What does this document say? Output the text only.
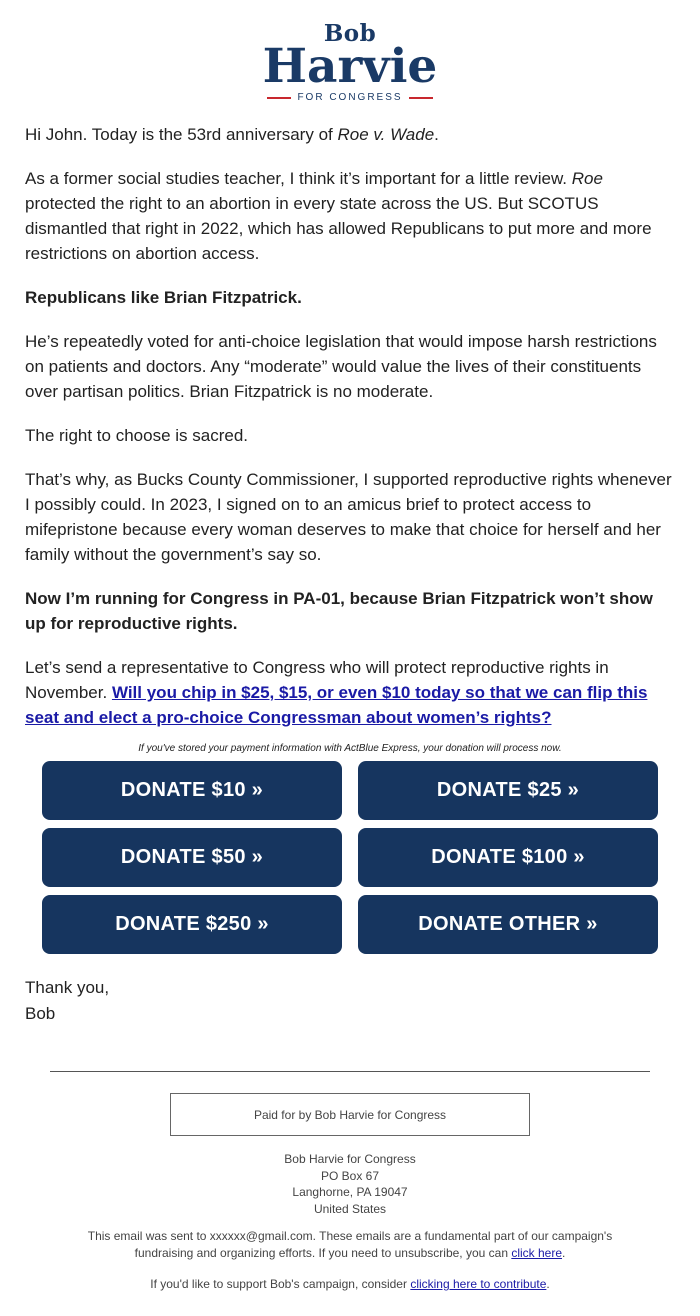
Bob
Harvie
FOR CONGRESS

Hi John. Today is the 53rd anniversary of Roe v. Wade.

As a former social studies teacher, I think it’s important for a little review. Roe protected the right to an abortion in every state across the US. But SCOTUS dismantled that right in 2022, which has allowed Republicans to put more and more restrictions on abortion access.

Republicans like Brian Fitzpatrick.

He’s repeatedly voted for anti-choice legislation that would impose harsh restrictions on patients and doctors. Any “moderate” would value the lives of their constituents over partisan politics. Brian Fitzpatrick is no moderate.

The right to choose is sacred.

That’s why, as Bucks County Commissioner, I supported reproductive rights whenever I possibly could. In 2023, I signed on to an amicus brief to protect access to mifepristone because every woman deserves to make that choice for herself and her family without the government’s say so.

Now I’m running for Congress in PA-01, because Brian Fitzpatrick won’t show up for reproductive rights.

Let’s send a representative to Congress who will protect reproductive rights in November. Will you chip in $25, $15, or even $10 today so that we can flip this seat and elect a pro-choice Congressman about women’s rights?

If you've stored your payment information with ActBlue Express, your donation will process now.
DONATE $10 »	DONATE $25 »
DONATE $50 »	DONATE $100 »
DONATE $250 »	DONATE OTHER »
Thank you,
Bob
Paid for by Bob Harvie for Congress
Bob Harvie for Congress
PO Box 67
Langhorne, PA 19047
United States
This email was sent to xxxxxx@gmail.com. These emails are a fundamental part of our campaign's fundraising and organizing efforts. If you need to unsubscribe, you can click here.
If you'd like to support Bob's campaign, consider clicking here to contribute.
